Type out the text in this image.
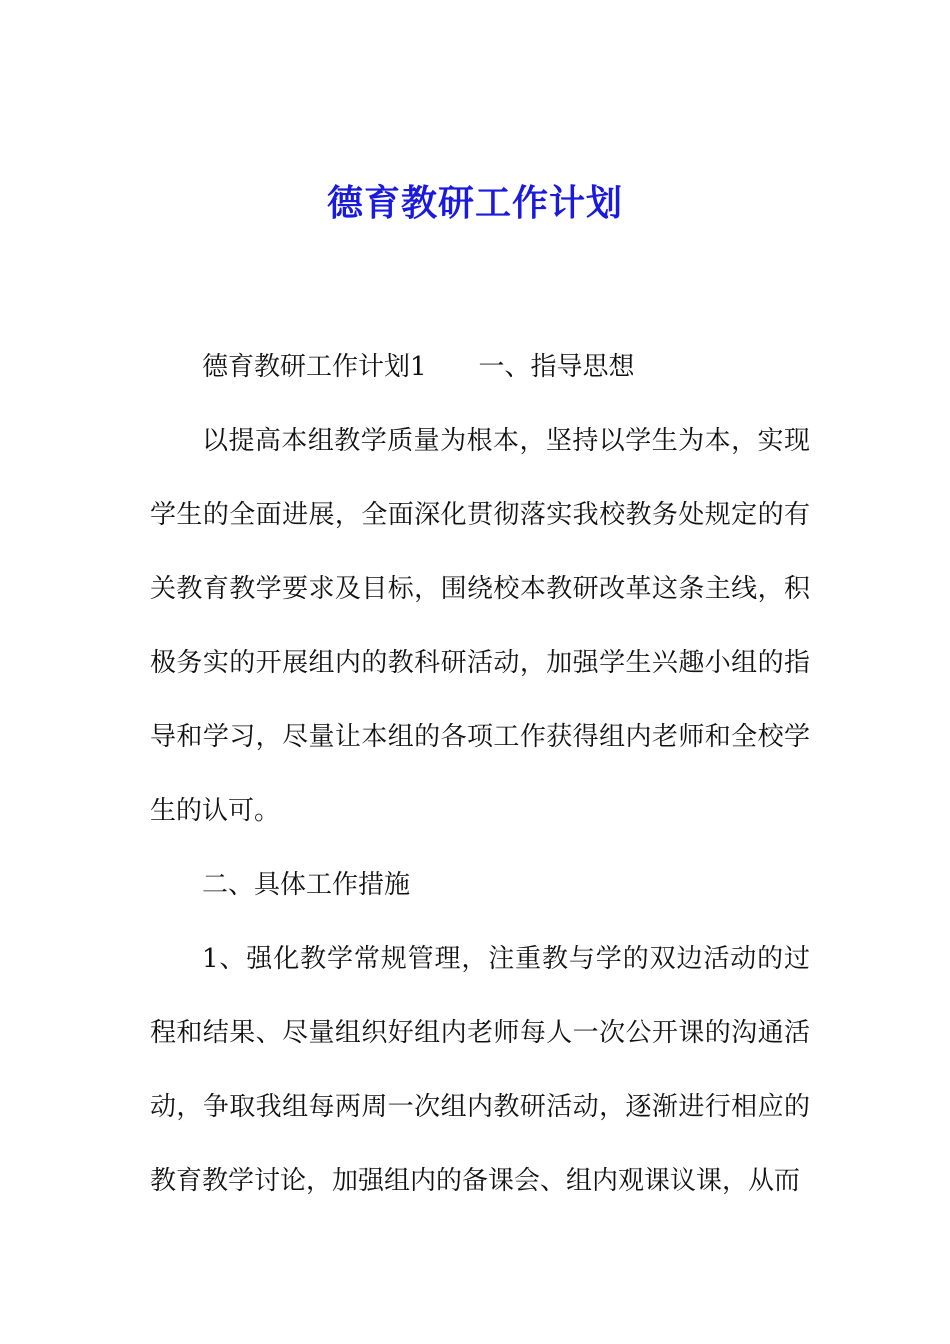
德育教研工作计划

德育教研工作计划1 一、指导思想

以提高本组教学质量为根本，坚持以学生为本，实现学生的全面进展，全面深化贯彻落实我校教务处规定的有关教育教学要求及目标，围绕校本教研改革这条主线，积极务实的开展组内的教科研活动，加强学生兴趣小组的指导和学习，尽量让本组的各项工作获得组内老师和全校学生的认可。

二、具体工作措施

1、强化教学常规管理，注重教与学的双边活动的过程和结果、尽量组织好组内老师每人一次公开课的沟通活动，争取我组每两周一次组内教研活动，逐渐进行相应的教育教学讨论，加强组内的备课会、组内观课议课，从而
